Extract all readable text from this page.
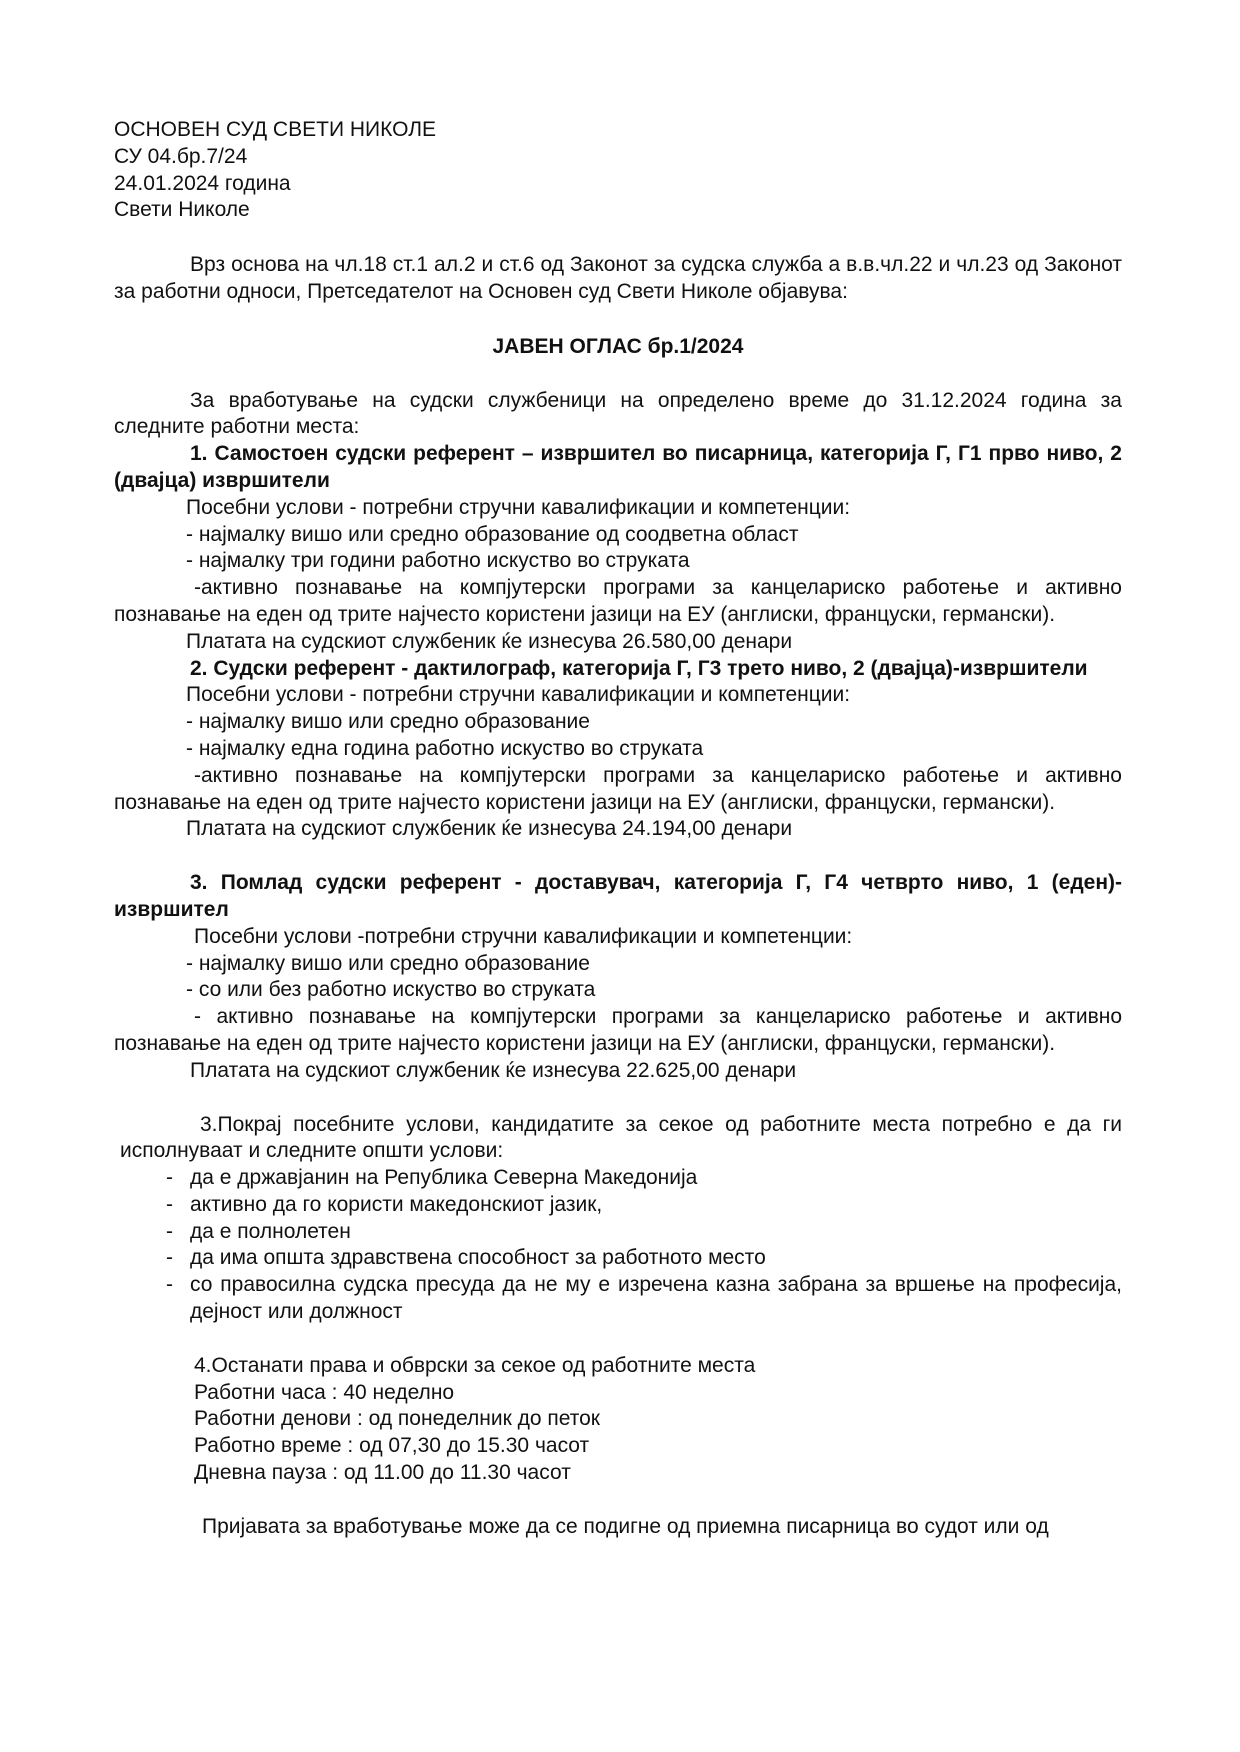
ОСНОВЕН СУД СВЕТИ НИКОЛЕ
СУ 04.бр.7/24
24.01.2024 година
Свети Николе
Врз основа на чл.18 ст.1 ал.2 и ст.6 од Законот за судска служба а в.в.чл.22 и чл.23 од Законот за работни односи, Претседателот на Основен суд Свети Николе објавува:
ЈАВЕН ОГЛАС бр.1/2024
За вработување на судски службеници на определено време до 31.12.2024 година за следните работни места:
1. Самостоен судски референт – извршител во писарница, категорија Г, Г1 прво ниво, 2 (двајца) извршители
Посебни услови - потребни стручни кавалификации и компетенции:
- најмалку вишо или средно образование од соодветна област
- најмалку три години работно искуство во струката
-активно познавање на компјутерски програми за канцелариско работење и активно познавање на еден од трите најчесто користени јазици на ЕУ (англиски, француски, германски).
Платата на судскиот службеник ќе изнесува 26.580,00 денари
2. Судски референт - дактилограф, категорија Г, Г3 трето ниво, 2 (двајца)-извршители
Посебни услови - потребни стручни кавалификации и компетенции:
- најмалку вишо или средно образование
- најмалку една година работно искуство во струката
-активно познавање на компјутерски програми за канцелариско работење и активно познавање на еден од трите најчесто користени јазици на ЕУ (англиски, француски, германски).
Платата на судскиот службеник ќе изнесува 24.194,00 денари
3. Помлад судски референт - доставувач, категорија Г, Г4 четврто ниво, 1 (еден)-извршител
Посебни услови -потребни стручни кавалификации и компетенции:
- најмалку вишо или средно образование
- со или без работно искуство во струката
- активно познавање на компјутерски програми за канцелариско работење и активно познавање на еден од трите најчесто користени јазици на ЕУ (англиски, француски, германски).
Платата на судскиот службеник ќе изнесува 22.625,00 денари
3.Покрај посебните услови, кандидатите за секое од работните места потребно е да ги исполнуваат и следните општи услови:
- да е државјанин на Република Северна Македонија
- активно да го користи македонскиот јазик,
- да е полнолетен
- да има општа здравствена способност за работното место
- со правосилна судска пресуда да не му е изречена казна забрана за вршење на професија, дејност или должност
4.Останати права и обврски за секое од работните места
Работни часа : 40 неделно
Работни денови : од понеделник до петок
Работно време : од 07,30 до 15.30 часот
Дневна пауза : од 11.00 до 11.30 часот
Пријавата за вработување може да се подигне од приемна писарница во судот или од
